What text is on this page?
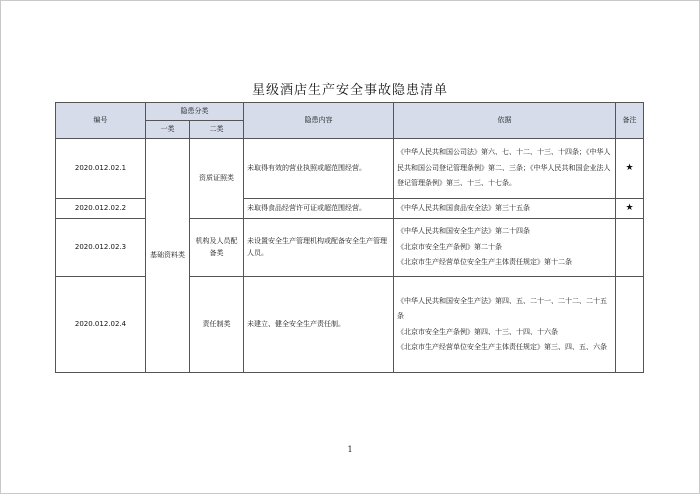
星级酒店生产安全事故隐患清单
编号	隐患分类		隐患内容	依据	备注
	一类	二类			
2020.012.02.1	基础资料类	资质证照类	未取得有效的营业执照或超范围经营。	《中华人民共和国公司法》第六、七、十二、十三、十四条；《中华人民共和国公司登记管理条例》第二、三条；《中华人民共和国企业法人登记管理条例》第三、十三、十七条。	★
2020.012.02.2			未取得食品经营许可证或超范围经营。	《中华人民共和国食品安全法》第三十五条	★
2020.012.02.3		机构及人员配备类	未设置安全生产管理机构或配备安全生产管理人员。	《中华人民共和国安全生产法》第二十四条
《北京市安全生产条例》第二十条
《北京市生产经营单位安全生产主体责任规定》第十二条	

2020.012.02.4		责任制类	未建立、健全安全生产责任制。	《中华人民共和国安全生产法》第四、五、二十一、二十二、二十五条
《北京市安全生产条例》第四、十三、十四、十六条
《北京市生产经营单位安全生产主体责任规定》第三、四、五、六条	

1
